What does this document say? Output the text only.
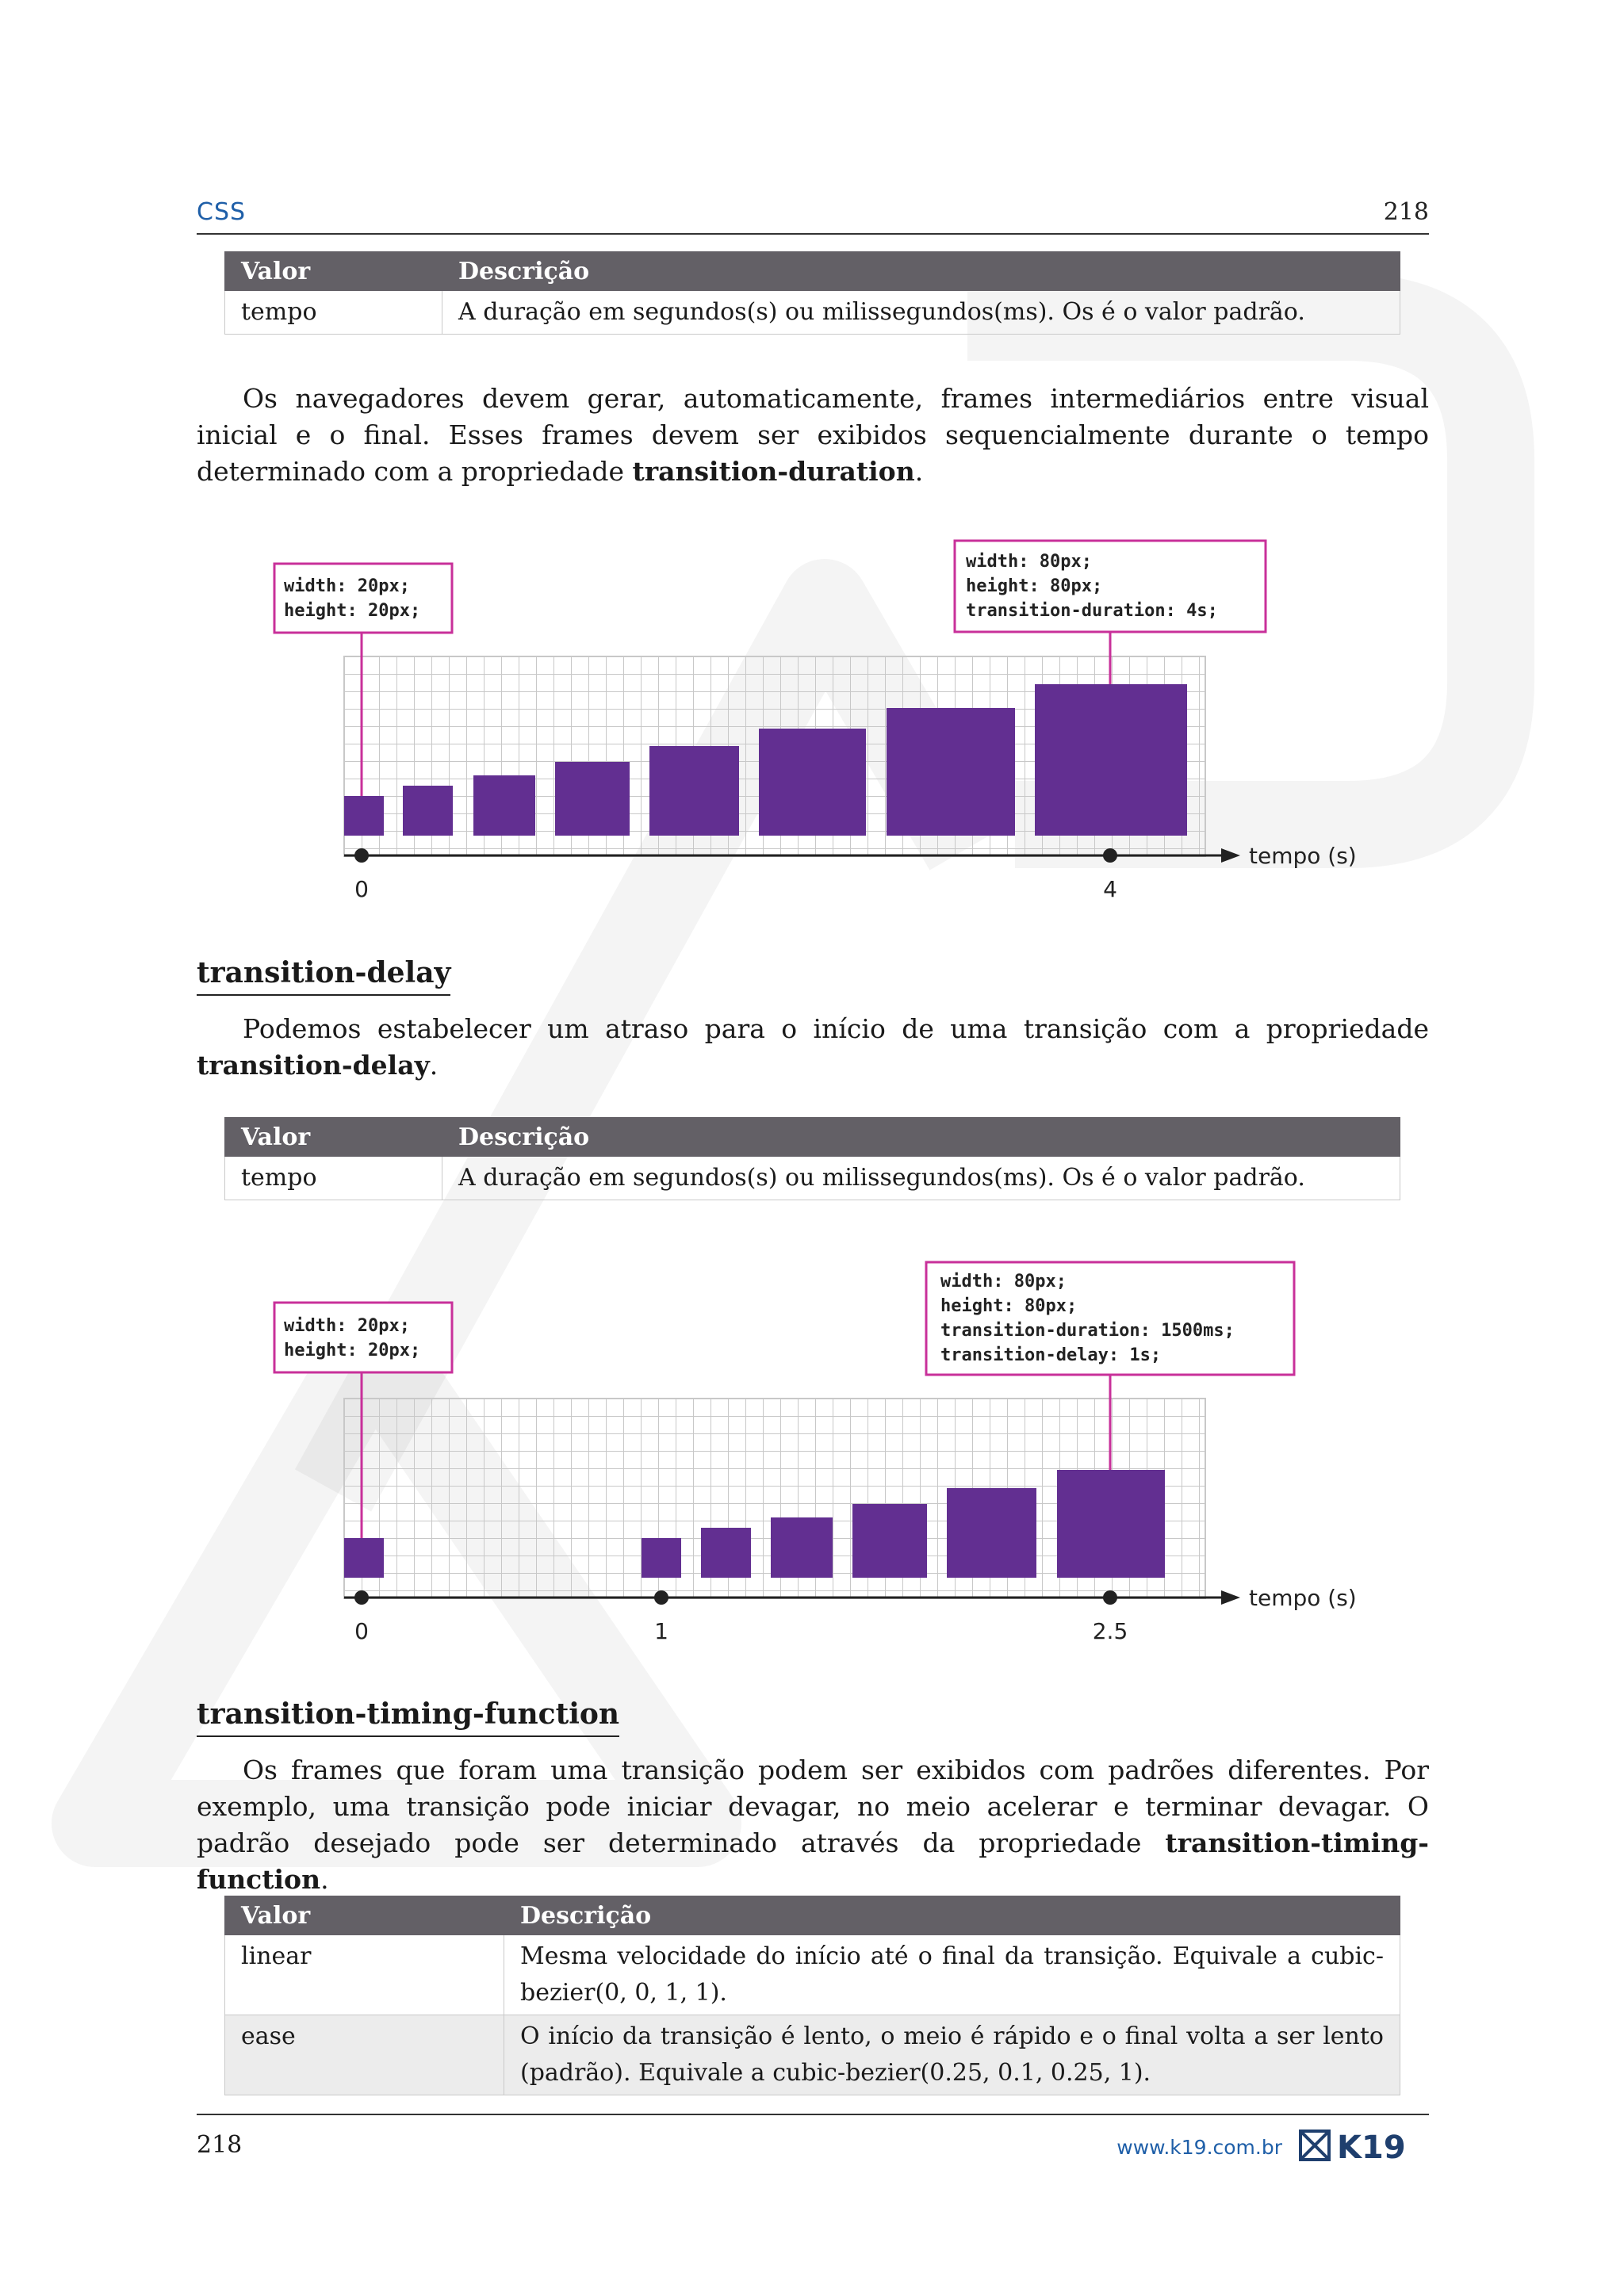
CSS	218
Valor	Descrição
tempo	A duração em segundos(s) ou milissegundos(ms). Os é o valor padrão.

Os navegadores devem gerar, automaticamente, frames intermediários entre visual inicial e o final. Esses frames devem ser exibidos sequencialmente durante o tempo determinado com a propriedade transition-duration.

tempo (s)
0	4
width: 20px; height: 20px;
width: 80px; height: 80px; transition-duration: 4s;
transition-delay

Podemos estabelecer um atraso para o início de uma transição com a propriedade transition-delay.

Valor	Descrição
tempo	A duração em segundos(s) ou milissegundos(ms). Os é o valor padrão.
tempo (s)
0	1	2.5
width: 20px; height: 20px;
width: 80px; height: 80px; transition-duration: 1500ms; transition-delay: 1s;
transition-timing-function

Os frames que foram uma transição podem ser exibidos com padrões diferentes. Por exemplo, uma transição pode iniciar devagar, no meio acelerar e terminar devagar. O padrão desejado pode ser determinado através da propriedade transition-timing-function.

Valor	Descrição
linear	Mesma velocidade do início até o final da transição. Equivale a cubic-bezier(0, 0, 1, 1).
ease	O início da transição é lento, o meio é rápido e o final volta a ser lento (padrão). Equivale a cubic-bezier(0.25, 0.1, 0.25, 1).
218	www.k19.com.br K19
